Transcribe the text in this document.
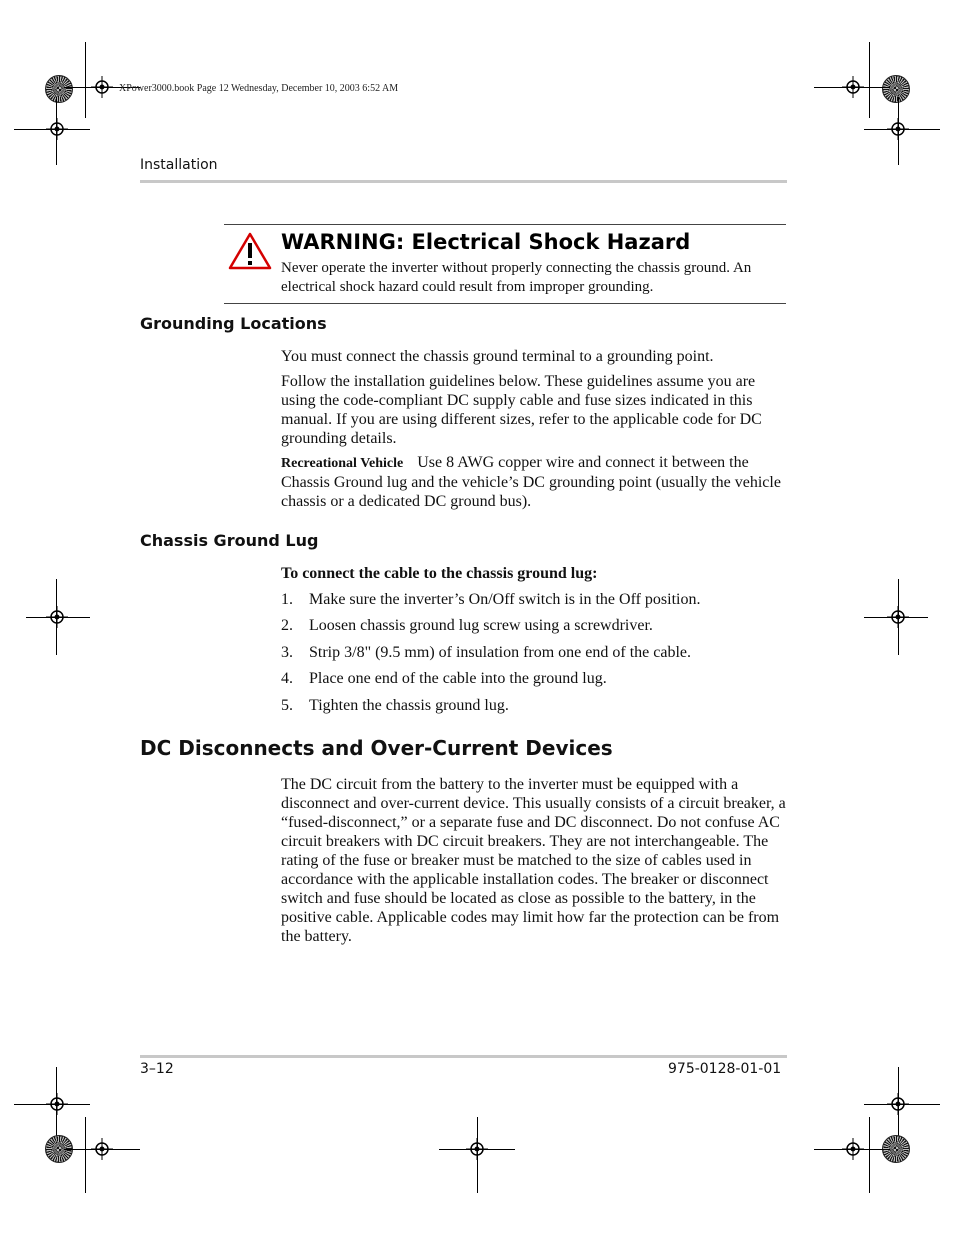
XPower3000.book Page 12 Wednesday, December 10, 2003 6:52 AM
Installation
WARNING: Electrical Shock Hazard
Never operate the inverter without properly connecting the chassis ground. An electrical shock hazard could result from improper grounding.
Grounding Locations
You must connect the chassis ground terminal to a grounding point.
Follow the installation guidelines below. These guidelines assume you are using the code-compliant DC supply cable and fuse sizes indicated in this manual. If you are using different sizes, refer to the applicable code for DC grounding details.
Recreational Vehicle Use 8 AWG copper wire and connect it between the Chassis Ground lug and the vehicle’s DC grounding point (usually the vehicle chassis or a dedicated DC ground bus).
Chassis Ground Lug
To connect the cable to the chassis ground lug:
1. Make sure the inverter’s On/Off switch is in the Off position.
2. Loosen chassis ground lug screw using a screwdriver.
3. Strip 3/8" (9.5 mm) of insulation from one end of the cable.
4. Place one end of the cable into the ground lug.
5. Tighten the chassis ground lug.
DC Disconnects and Over-Current Devices
The DC circuit from the battery to the inverter must be equipped with a disconnect and over-current device. This usually consists of a circuit breaker, a “fused-disconnect,” or a separate fuse and DC disconnect. Do not confuse AC circuit breakers with DC circuit breakers. They are not interchangeable. The rating of the fuse or breaker must be matched to the size of cables used in accordance with the applicable installation codes. The breaker or disconnect switch and fuse should be located as close as possible to the battery, in the positive cable. Applicable codes may limit how far the protection can be from the battery.
3–12	975-0128-01-01
